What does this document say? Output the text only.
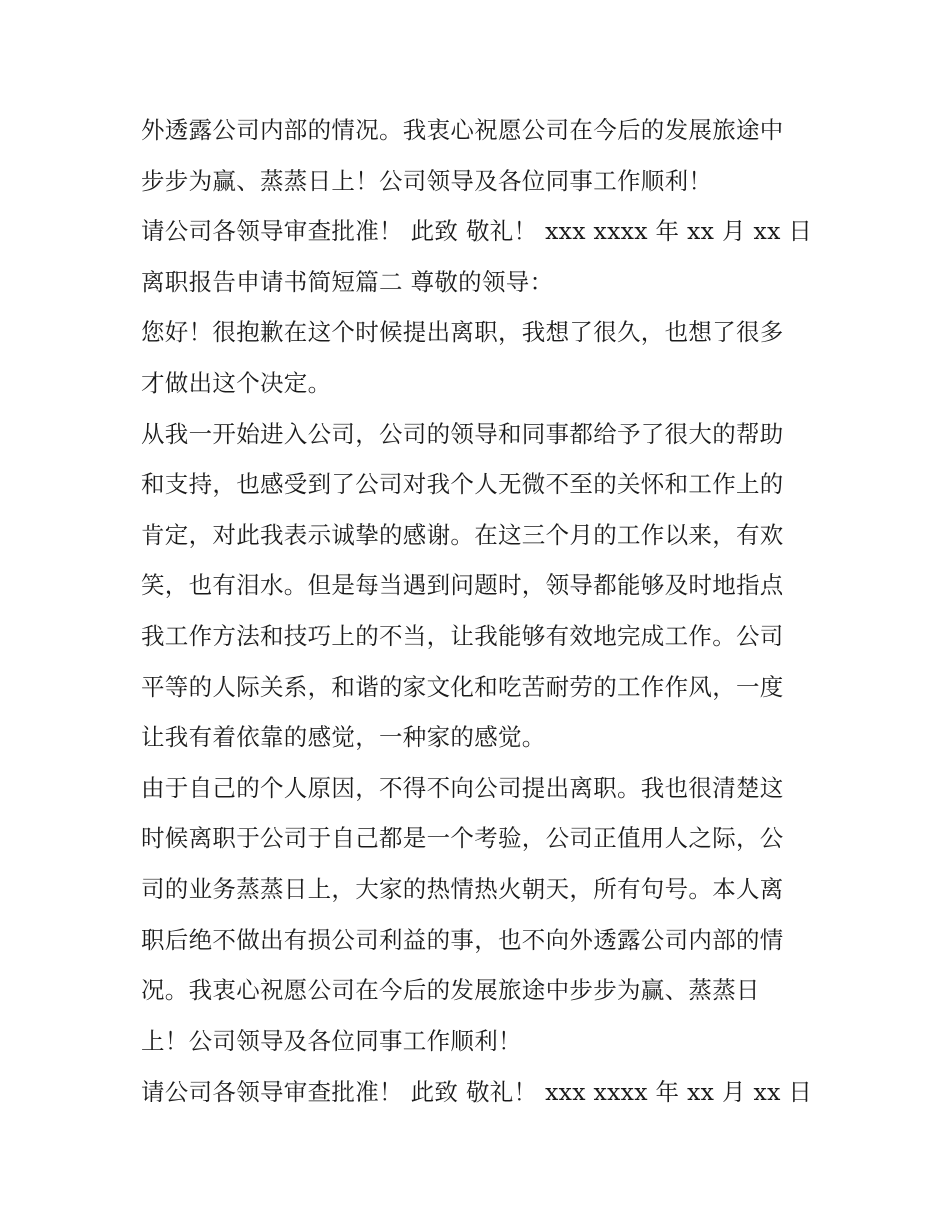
外透露公司内部的情况。我衷心祝愿公司在今后的发展旅途中
步步为赢、蒸蒸日上！公司领导及各位同事工作顺利！
请公司各领导审查批准！ 此致 敬礼！ xxx xxxx 年 xx 月 xx 日
离职报告申请书简短篇二 尊敬的领导：
您好！很抱歉在这个时候提出离职，我想了很久，也想了很多
才做出这个决定。
从我一开始进入公司，公司的领导和同事都给予了很大的帮助
和支持，也感受到了公司对我个人无微不至的关怀和工作上的
肯定，对此我表示诚挚的感谢。在这三个月的工作以来，有欢
笑，也有泪水。但是每当遇到问题时，领导都能够及时地指点
我工作方法和技巧上的不当，让我能够有效地完成工作。公司
平等的人际关系，和谐的家文化和吃苦耐劳的工作作风，一度
让我有着依靠的感觉，一种家的感觉。
由于自己的个人原因，不得不向公司提出离职。我也很清楚这
时候离职于公司于自己都是一个考验，公司正值用人之际，公
司的业务蒸蒸日上，大家的热情热火朝天，所有句号。本人离
职后绝不做出有损公司利益的事，也不向外透露公司内部的情
况。我衷心祝愿公司在今后的发展旅途中步步为赢、蒸蒸日
上！公司领导及各位同事工作顺利！
请公司各领导审查批准！ 此致 敬礼！ xxx xxxx 年 xx 月 xx 日
